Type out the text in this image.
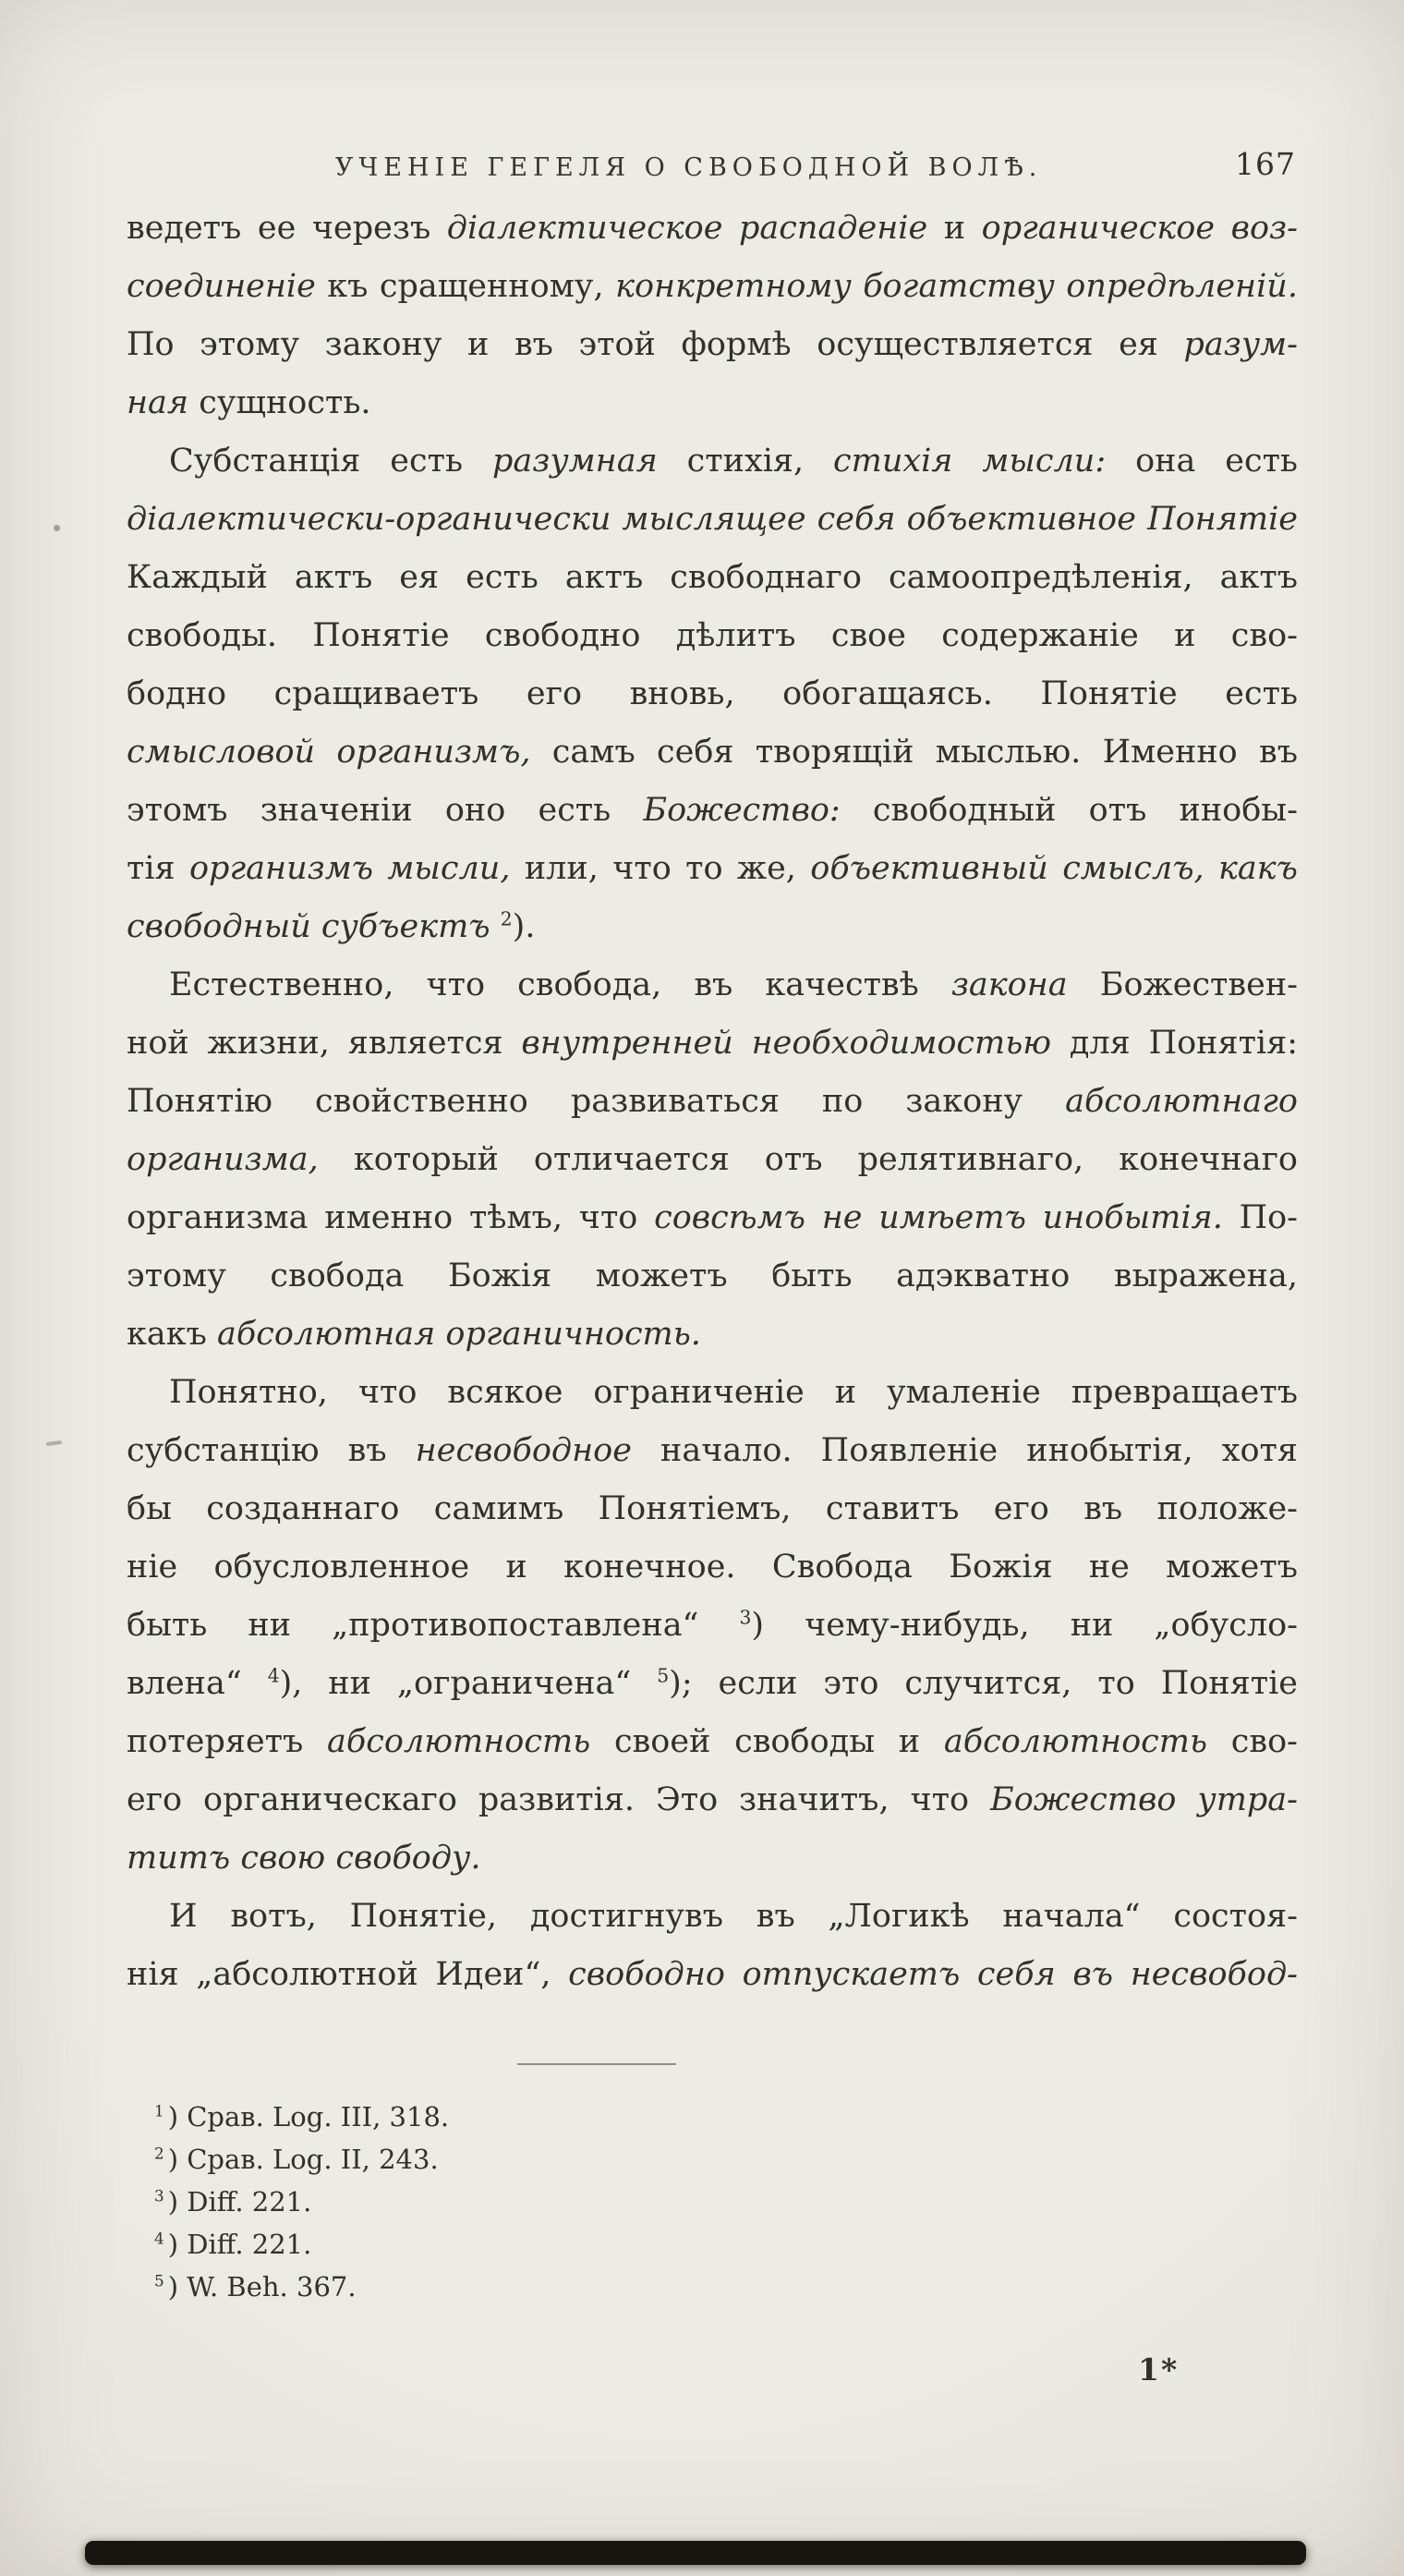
УЧЕНІЕ ГЕГЕЛЯ О СВОБОДНОЙ ВОЛѢ.	167
ведетъ ее черезъ діалектическое распаденіе и органическое воз-
соединеніе къ сращенному, конкретному богатству опредѣленій.
По этому закону и въ этой формѣ осуществляется ея разум-
ная сущность.
Субстанція есть разумная стихія, стихія мысли: она есть
діалектически-органически мыслящее себя объективное Понятіе
Каждый актъ ея есть актъ свободнаго самоопредѣленія, актъ
свободы. Понятіе свободно дѣлитъ свое содержаніе и сво-
бодно сращиваетъ его вновь, обогащаясь. Понятіе есть
смысловой организмъ, самъ себя творящій мыслью. Именно въ
этомъ значеніи оно есть Божество: свободный отъ инобы-
тія организмъ мысли, или, что то же, объективный смыслъ, какъ
свободный субъектъ $^2$).
Естественно, что свобода, въ качествѣ закона Божествен-
ной жизни, является внутренней необходимостью для Понятія:
Понятію свойственно развиваться по закону абсолютнаго
организма, который отличается отъ релятивнаго, конечнаго
организма именно тѣмъ, что совсѣмъ не имѣетъ инобытія. По-
этому свобода Божія можетъ быть адэкватно выражена,
какъ абсолютная органичность.
Понятно, что всякое ограниченіе и умаленіе превращаетъ
субстанцію въ несвободное начало. Появленіе инобытія, хотя
бы созданнаго самимъ Понятіемъ, ставитъ его въ положе-
ніе обусловленное и конечное. Свобода Божія не можетъ
быть ни „противопоставлена“ $^3$) чему-нибудь, ни „обусло-
влена“ $^4$), ни „ограничена“ $^5$); если это случится, то Понятіе
потеряетъ абсолютность своей свободы и абсолютность сво-
его органическаго развитія. Это значитъ, что Божество утра-
титъ свою свободу.
И вотъ, Понятіе, достигнувъ въ „Логикѣ начала“ состоя-
нія „абсолютной Идеи“, свободно отпускаетъ себя въ несвобод-
$^1$ ) Срав. Log. III, 318.
$^2$ ) Срав. Log. II, 243.
$^3$ ) Diff. 221.
$^4$ ) Diff. 221.
$^5$ ) W. Beh. 367.
1*
